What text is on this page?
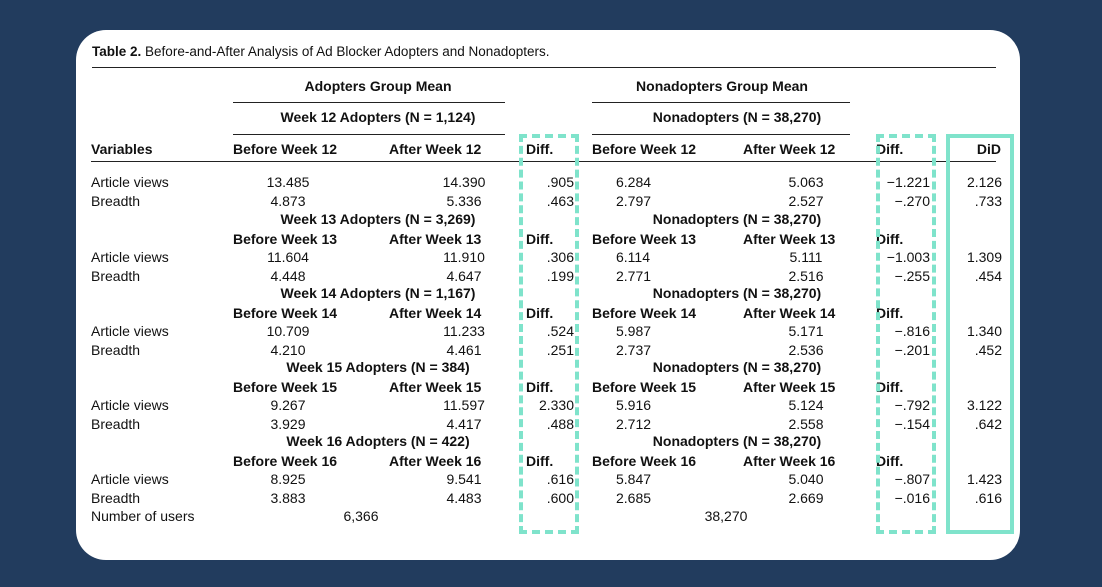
Table 2. Before-and-After Analysis of Ad Blocker Adopters and Nonadopters.
Adopters Group Mean	Nonadopters Group Mean
Week 12 Adopters (N = 1,124)	Nonadopters (N = 38,270)
Variables	DiD
Before Week 12	After Week 12	Diff.	Before Week 12	After Week 12	Diff.
Article views	13.485	14.390	.905	6.284	5.063	−1.221	2.126
Breadth	4.873	5.336	.463	2.797	2.527	−.270	.733
Week 13 Adopters (N = 3,269)	Nonadopters (N = 38,270)
Before Week 13	After Week 13	Diff.	Before Week 13	After Week 13	Diff.
Article views	11.604	11.910	.306	6.114	5.111	−1.003	1.309
Breadth	4.448	4.647	.199	2.771	2.516	−.255	.454
Week 14 Adopters (N = 1,167)	Nonadopters (N = 38,270)
Before Week 14	After Week 14	Diff.	Before Week 14	After Week 14	Diff.
Article views	10.709	11.233	.524	5.987	5.171	−.816	1.340
Breadth	4.210	4.461	.251	2.737	2.536	−.201	.452
Week 15 Adopters (N = 384)	Nonadopters (N = 38,270)
Before Week 15	After Week 15	Diff.	Before Week 15	After Week 15	Diff.
Article views	9.267	11.597	2.330	5.916	5.124	−.792	3.122
Breadth	3.929	4.417	.488	2.712	2.558	−.154	.642
Week 16 Adopters (N = 422)	Nonadopters (N = 38,270)
Before Week 16	After Week 16	Diff.	Before Week 16	After Week 16	Diff.
Article views	8.925	9.541	.616	5.847	5.040	−.807	1.423
Breadth	3.883	4.483	.600	2.685	2.669	−.016	.616
Number of users	6,366	38,270
